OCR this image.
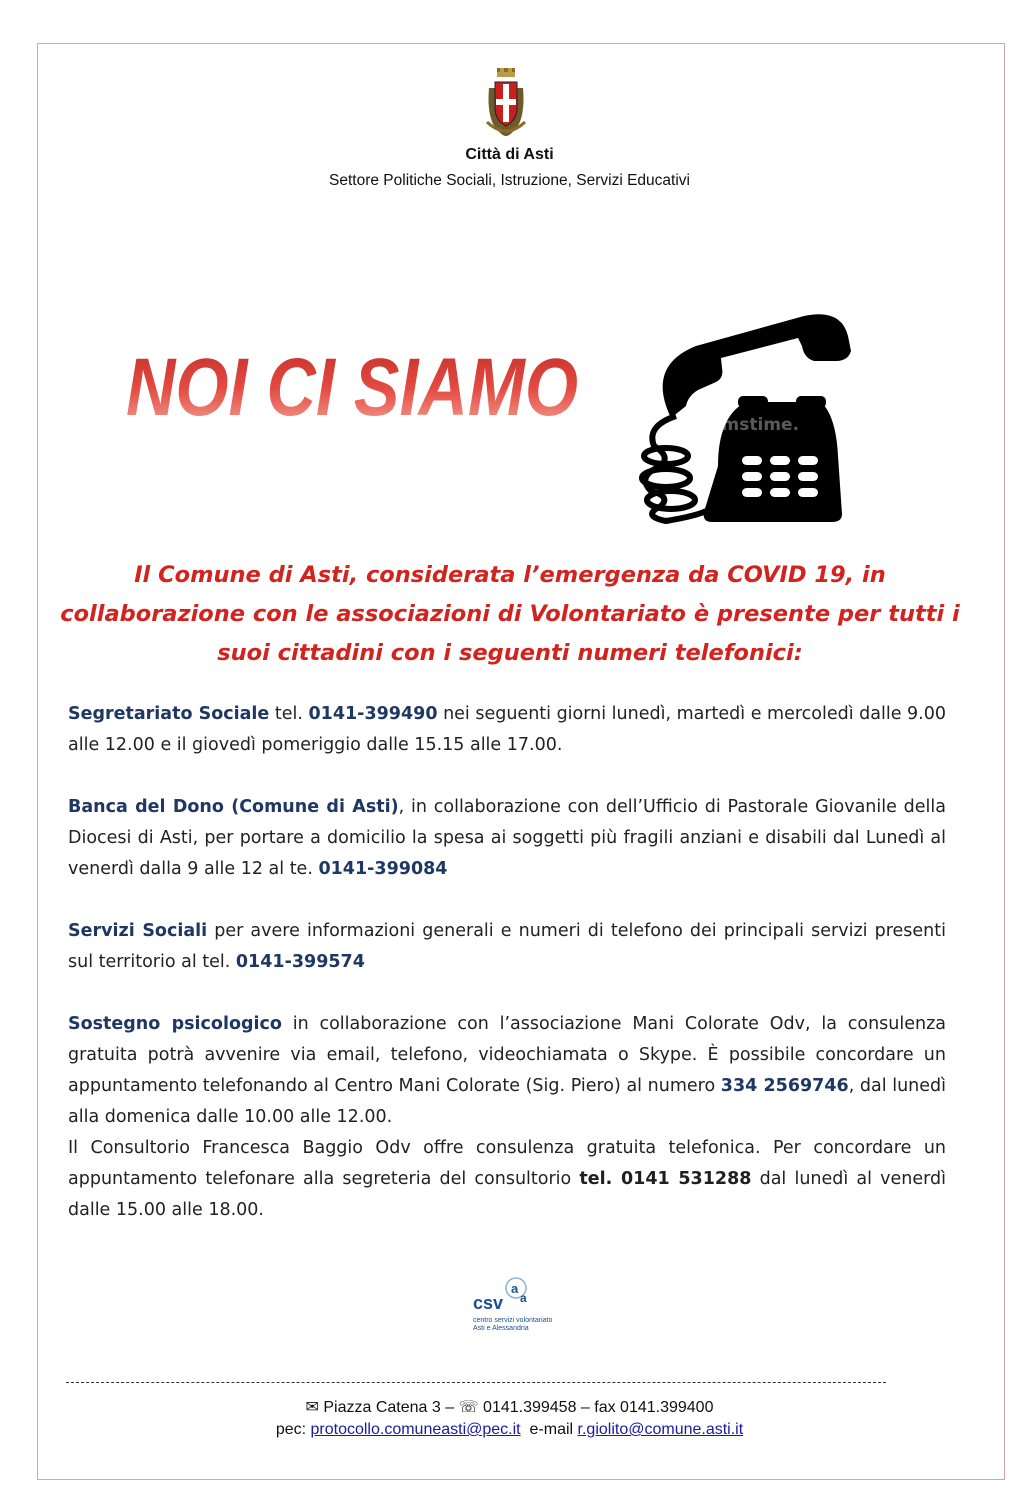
Città di Asti
Settore Politiche Sociali, Istruzione, Servizi Educativi
NOI CI SIAMO	dreamstime.

Il Comune di Asti, considerata l’emergenza da COVID 19, in collaborazione con le associazioni di Volontariato è presente per tutti i suoi cittadini con i seguenti numeri telefonici:

Segretariato Sociale tel. 0141-399490 nei seguenti giorni lunedì, martedì e mercoledì dalle 9.00 alle 12.00 e il giovedì pomeriggio dalle 15.15 alle 17.00.

Banca del Dono (Comune di Asti), in collaborazione con dell’Ufficio di Pastorale Giovanile della Diocesi di Asti, per portare a domicilio la spesa ai soggetti più fragili anziani e disabili dal Lunedì al venerdì dalla 9 alle 12 al te. 0141-399084

Servizi Sociali per avere informazioni generali e numeri di telefono dei principali servizi presenti sul territorio al tel. 0141-399574

Sostegno psicologico in collaborazione con l’associazione Mani Colorate Odv, la consulenza gratuita potrà avvenire via email, telefono, videochiamata o Skype. È possibile concordare un appuntamento telefonando al Centro Mani Colorate (Sig. Piero) al numero 334 2569746, dal lunedì alla domenica dalle 10.00 alle 12.00.
Il Consultorio Francesca Baggio Odv offre consulenza gratuita telefonica. Per concordare un appuntamento telefonare alla segreteria del consultorio tel. 0141 531288 dal lunedì al venerdì dalle 15.00 alle 18.00.

a
a
csv
centro servizi volontariato
Asti e Alessandria
✉ Piazza Catena 3 – ☏ 0141.399458 – fax 0141.399400
pec: protocollo.comuneasti@pec.it  e-mail r.giolito@comune.asti.it
